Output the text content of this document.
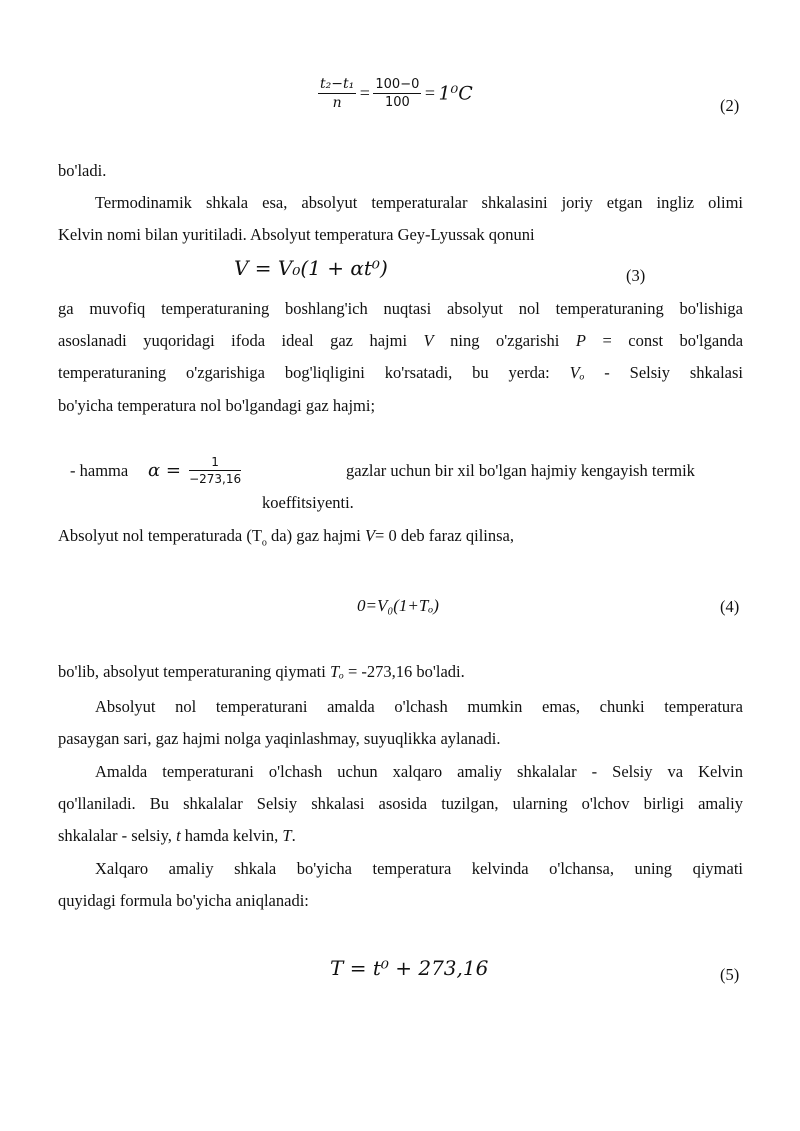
$\frac{\text{t₂−t₁}}{n} = \frac{100-0}{100} = 1^0C$
(2)
bo'ladi.
Termodinamik shkala esa, absolyut temperaturalar shkalasini joriy etgan ingliz olimi
Kelvin nomi bilan yuritiladi. Absolyut temperatura Gey-Lyussak qonuni
V = V₀(1 + αt⁰)	(3)
ga muvofiq temperaturaning boshlang'ich nuqtasi absolyut nol temperaturaning bo'lishiga
asoslanadi yuqoridagi ifoda ideal gaz hajmi V ning o'zgarishi P = const bo'lganda
temperaturaning o'zgarishiga bog'liqligini ko'rsatadi, bu yerda: Vₒ - Selsiy shkalasi
bo'yicha temperatura nol bo'lgandagi gaz hajmi;
- hamma $\alpha = \frac{1}{-273,16}$	gazlar uchun bir xil bo'lgan hajmiy kengayish termik
koeffitsiyenti.
Absolyut nol temperaturada ($T_o$ da) gaz hajmi V= 0 deb faraz qilinsa,
0=V₀(1+Tₒ)	(4)
bo'lib, absolyut temperaturaning qiymati Tₒ = -273,16 bo'ladi.
Absolyut nol temperaturani amalda o'lchash mumkin emas, chunki temperatura
pasaygan sari, gaz hajmi nolga yaqinlashmay, suyuqlikka aylanadi.
Amalda temperaturani o'lchash uchun xalqaro amaliy shkalalar - Selsiy va Kelvin
qo'llaniladi. Bu shkalalar Selsiy shkalasi asosida tuzilgan, ularning o'lchov birligi amaliy
shkalalar - selsiy, t hamda kelvin, T.
Xalqaro amaliy shkala bo'yicha temperatura kelvinda o'lchansa, uning qiymati
quyidagi formula bo'yicha aniqlanadi:
T = t⁰ + 273,16	(5)
